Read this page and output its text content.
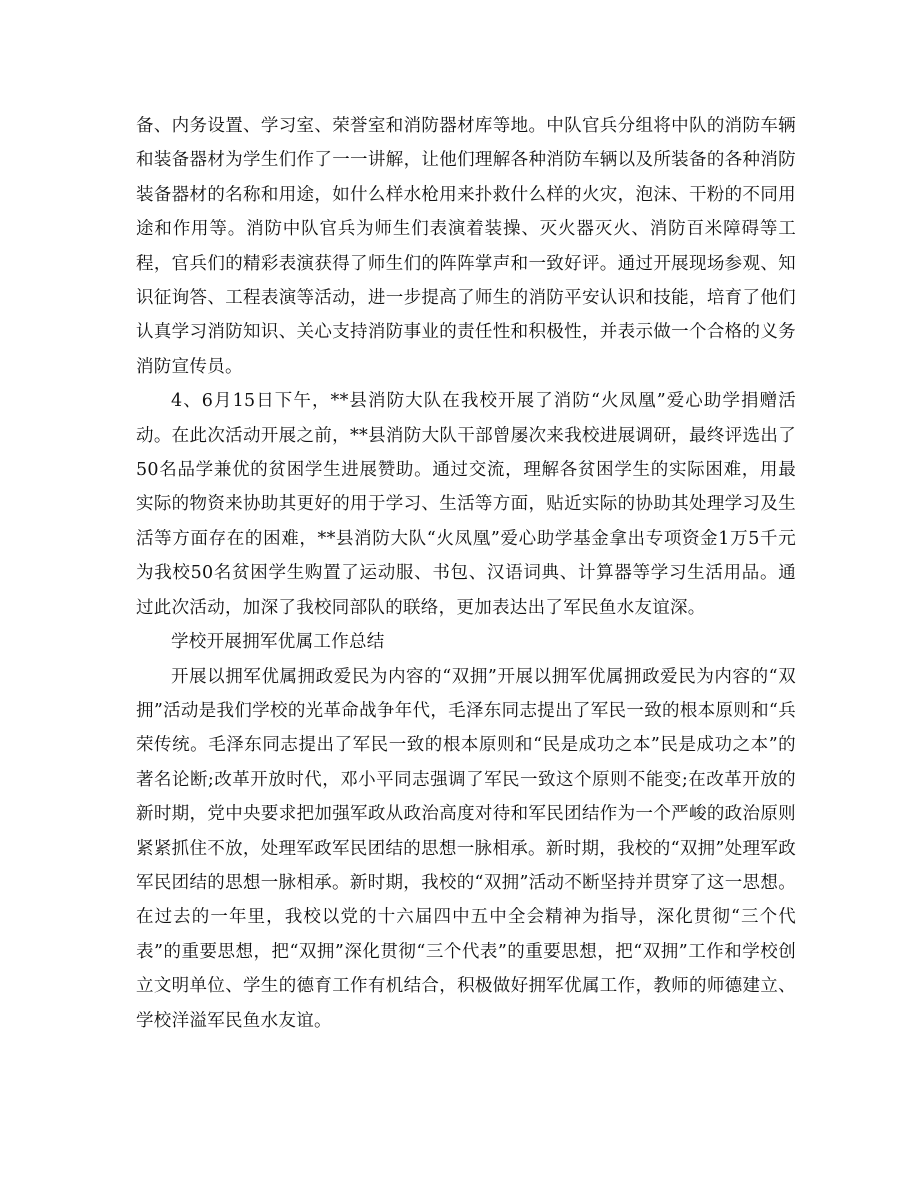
备、内务设置、学习室、荣誉室和消防器材库等地。中队官兵分组将中队的消防车辆和装备器材为学生们作了一一讲解，让他们理解各种消防车辆以及所装备的各种消防装备器材的名称和用途，如什么样水枪用来扑救什么样的火灾，泡沫、干粉的不同用途和作用等。消防中队官兵为师生们表演着装操、灭火器灭火、消防百米障碍等工程，官兵们的精彩表演获得了师生们的阵阵掌声和一致好评。通过开展现场参观、知识征询答、工程表演等活动，进一步提高了师生的消防平安认识和技能，培育了他们认真学习消防知识、关心支持消防事业的责任性和积极性，并表示做一个合格的义务消防宣传员。

4、6月15日下午，**县消防大队在我校开展了消防“火凤凰”爱心助学捐赠活动。在此次活动开展之前，**县消防大队干部曾屡次来我校进展调研，最终评选出了50名品学兼优的贫困学生进展赞助。通过交流，理解各贫困学生的实际困难，用最实际的物资来协助其更好的用于学习、生活等方面，贴近实际的协助其处理学习及生活等方面存在的困难，**县消防大队“火凤凰”爱心助学基金拿出专项资金1万5千元为我校50名贫困学生购置了运动服、书包、汉语词典、计算器等学习生活用品。通过此次活动，加深了我校同部队的联络，更加表达出了军民鱼水友谊深。

学校开展拥军优属工作总结

开展以拥军优属拥政爱民为内容的“双拥”开展以拥军优属拥政爱民为内容的“双拥”活动是我们学校的光革命战争年代，毛泽东同志提出了军民一致的根本原则和“兵荣传统。毛泽东同志提出了军民一致的根本原则和“民是成功之本”民是成功之本”的著名论断;改革开放时代，邓小平同志强调了军民一致这个原则不能变;在改革开放的新时期，党中央要求把加强军政从政治高度对待和军民团结作为一个严峻的政治原则紧紧抓住不放，处理军政军民团结的思想一脉相承。新时期，我校的“双拥”处理军政军民团结的思想一脉相承。新时期，我校的“双拥”活动不断坚持并贯穿了这一思想。在过去的一年里，我校以党的十六届四中五中全会精神为指导，深化贯彻“三个代表”的重要思想，把“双拥”深化贯彻“三个代表”的重要思想，把“双拥”工作和学校创立文明单位、学生的德育工作有机结合，积极做好拥军优属工作，教师的师德建立、学校洋溢军民鱼水友谊。
